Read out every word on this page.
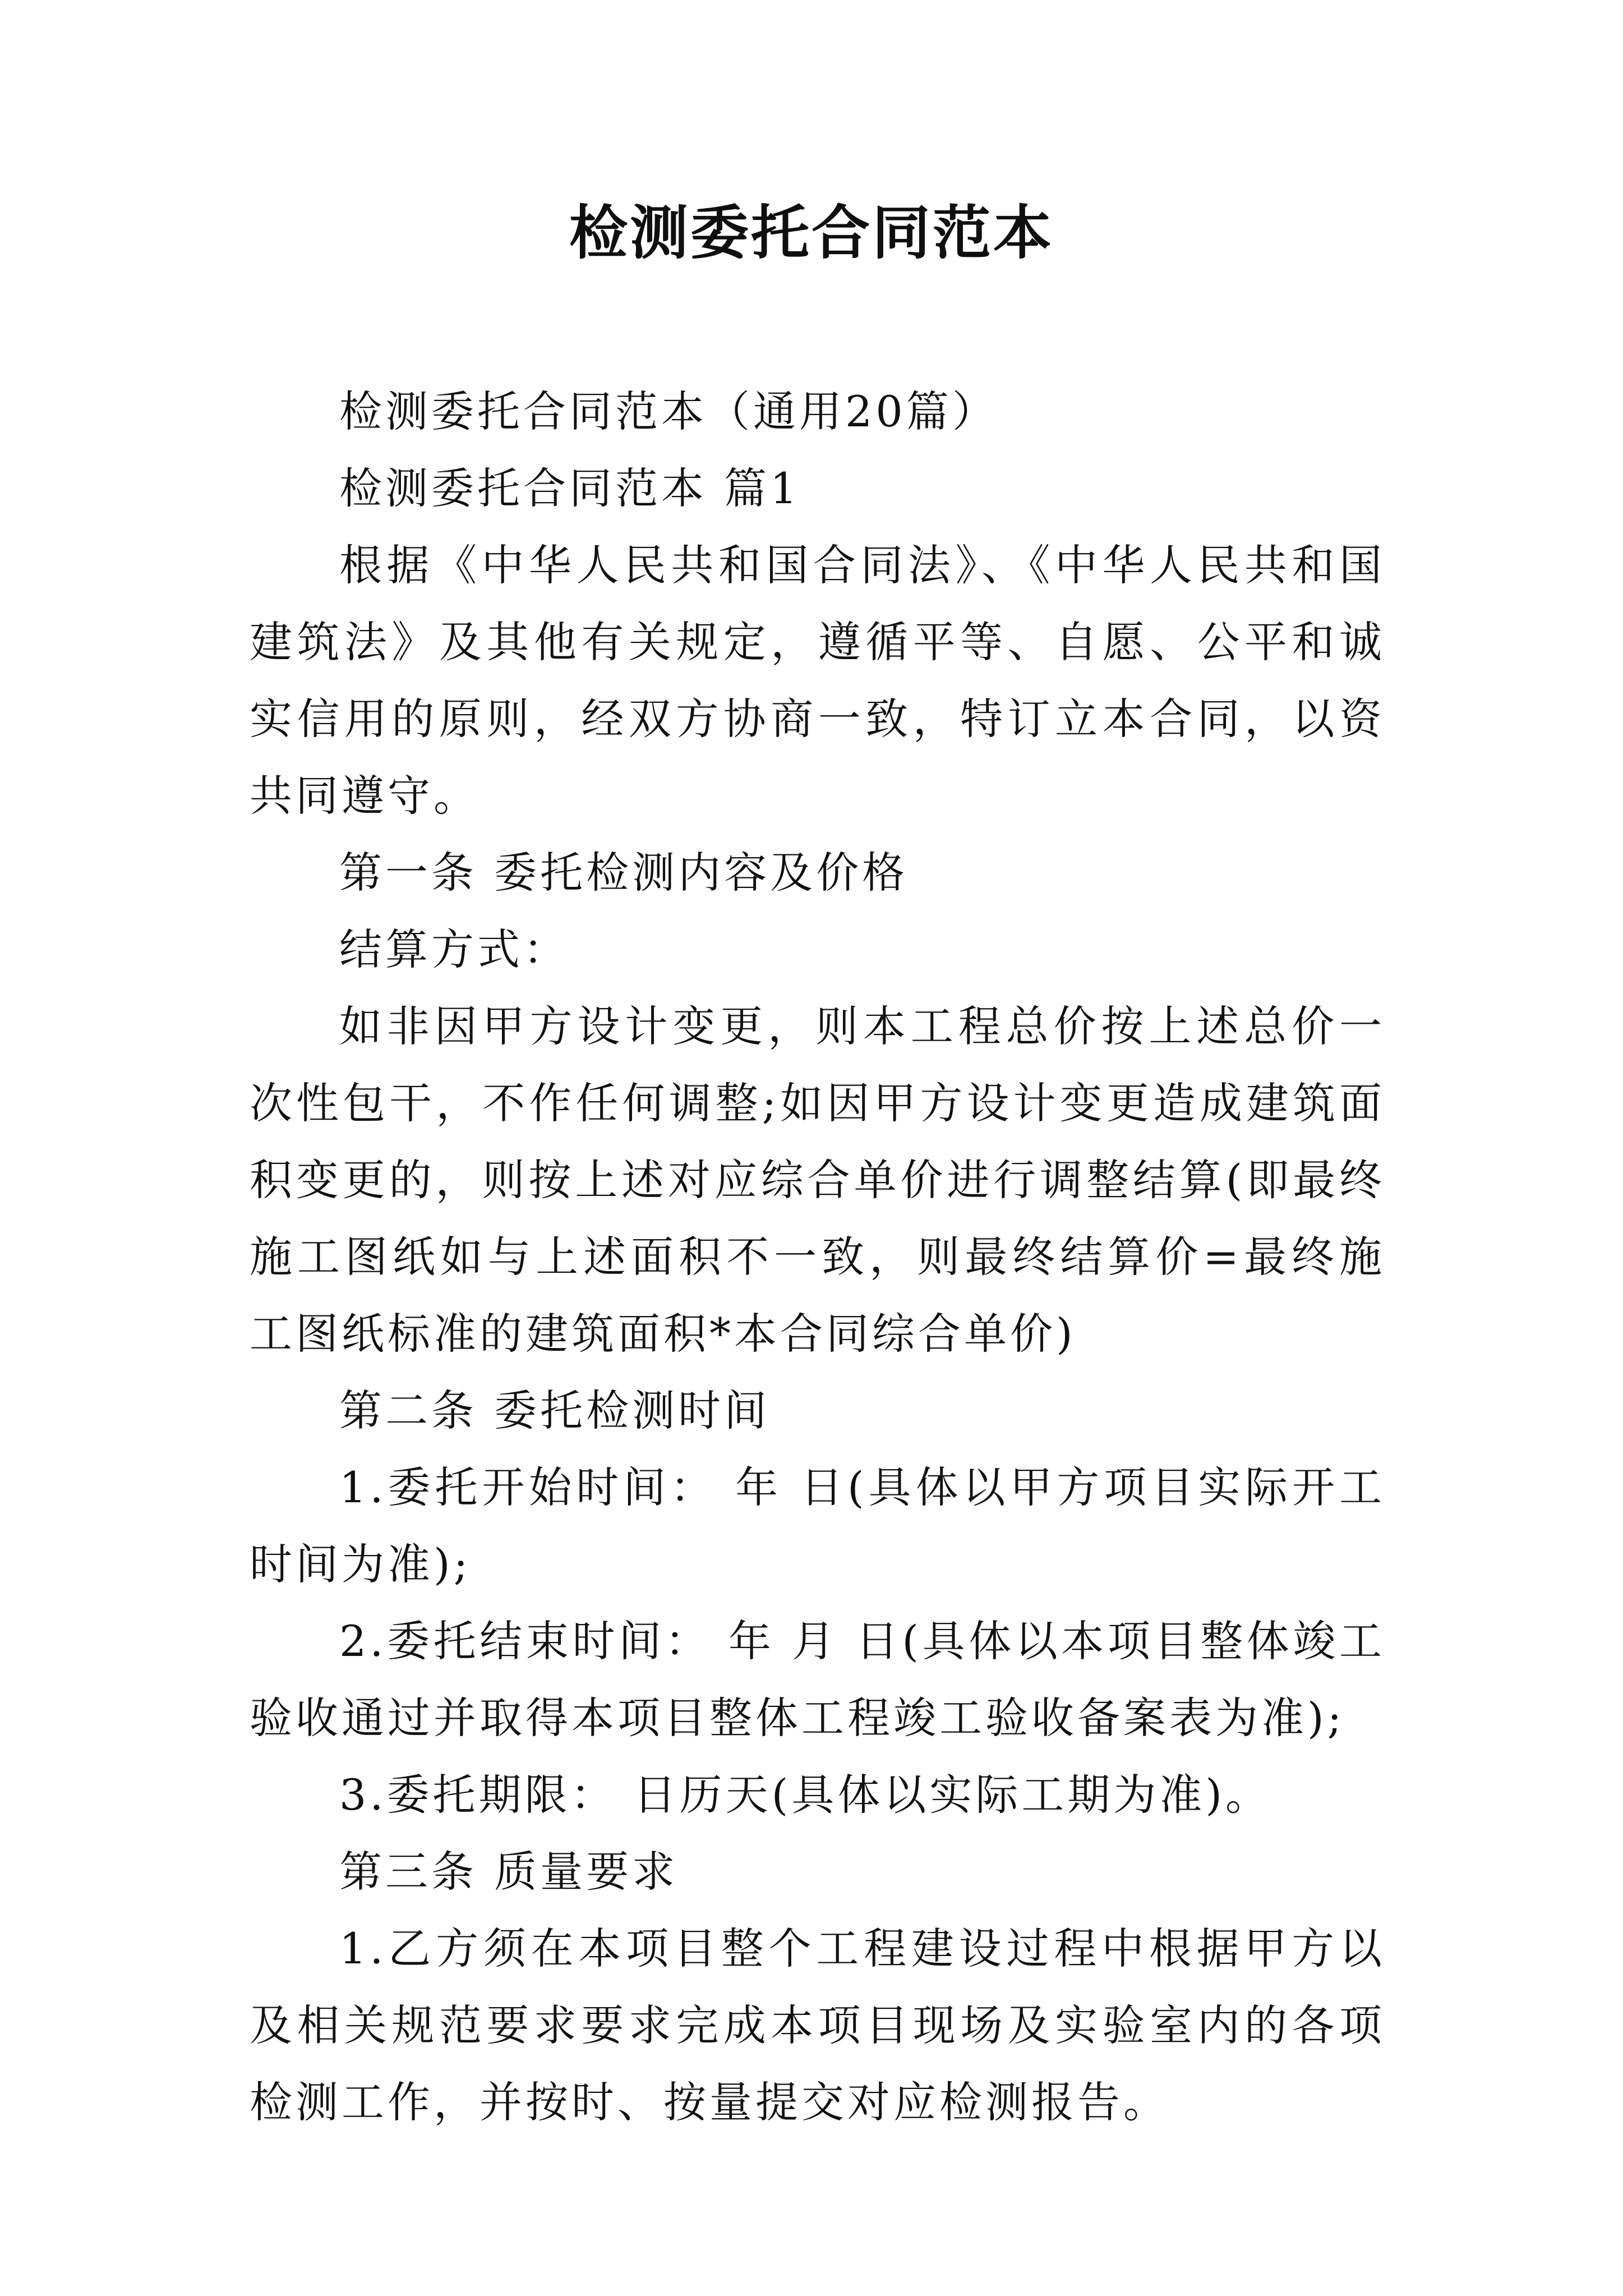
检测委托合同范本

检测委托合同范本（通用20篇）

检测委托合同范本 篇1

根据《中华人民共和国合同法》、《中华人民共和国建筑法》及其他有关规定，遵循平等、自愿、公平和诚实信用的原则，经双方协商一致，特订立本合同，以资共同遵守。

第一条 委托检测内容及价格

结算方式：

如非因甲方设计变更，则本工程总价按上述总价一次性包干，不作任何调整;如因甲方设计变更造成建筑面积变更的，则按上述对应综合单价进行调整结算(即最终施工图纸如与上述面积不一致，则最终结算价=最终施工图纸标准的建筑面积*本合同综合单价)

第二条 委托检测时间

1.委托开始时间： 年 日(具体以甲方项目实际开工时间为准);

2.委托结束时间： 年 月 日(具体以本项目整体竣工验收通过并取得本项目整体工程竣工验收备案表为准);

3.委托期限： 日历天(具体以实际工期为准)。

第三条 质量要求

1.乙方须在本项目整个工程建设过程中根据甲方以及相关规范要求要求完成本项目现场及实验室内的各项检测工作，并按时、按量提交对应检测报告。
